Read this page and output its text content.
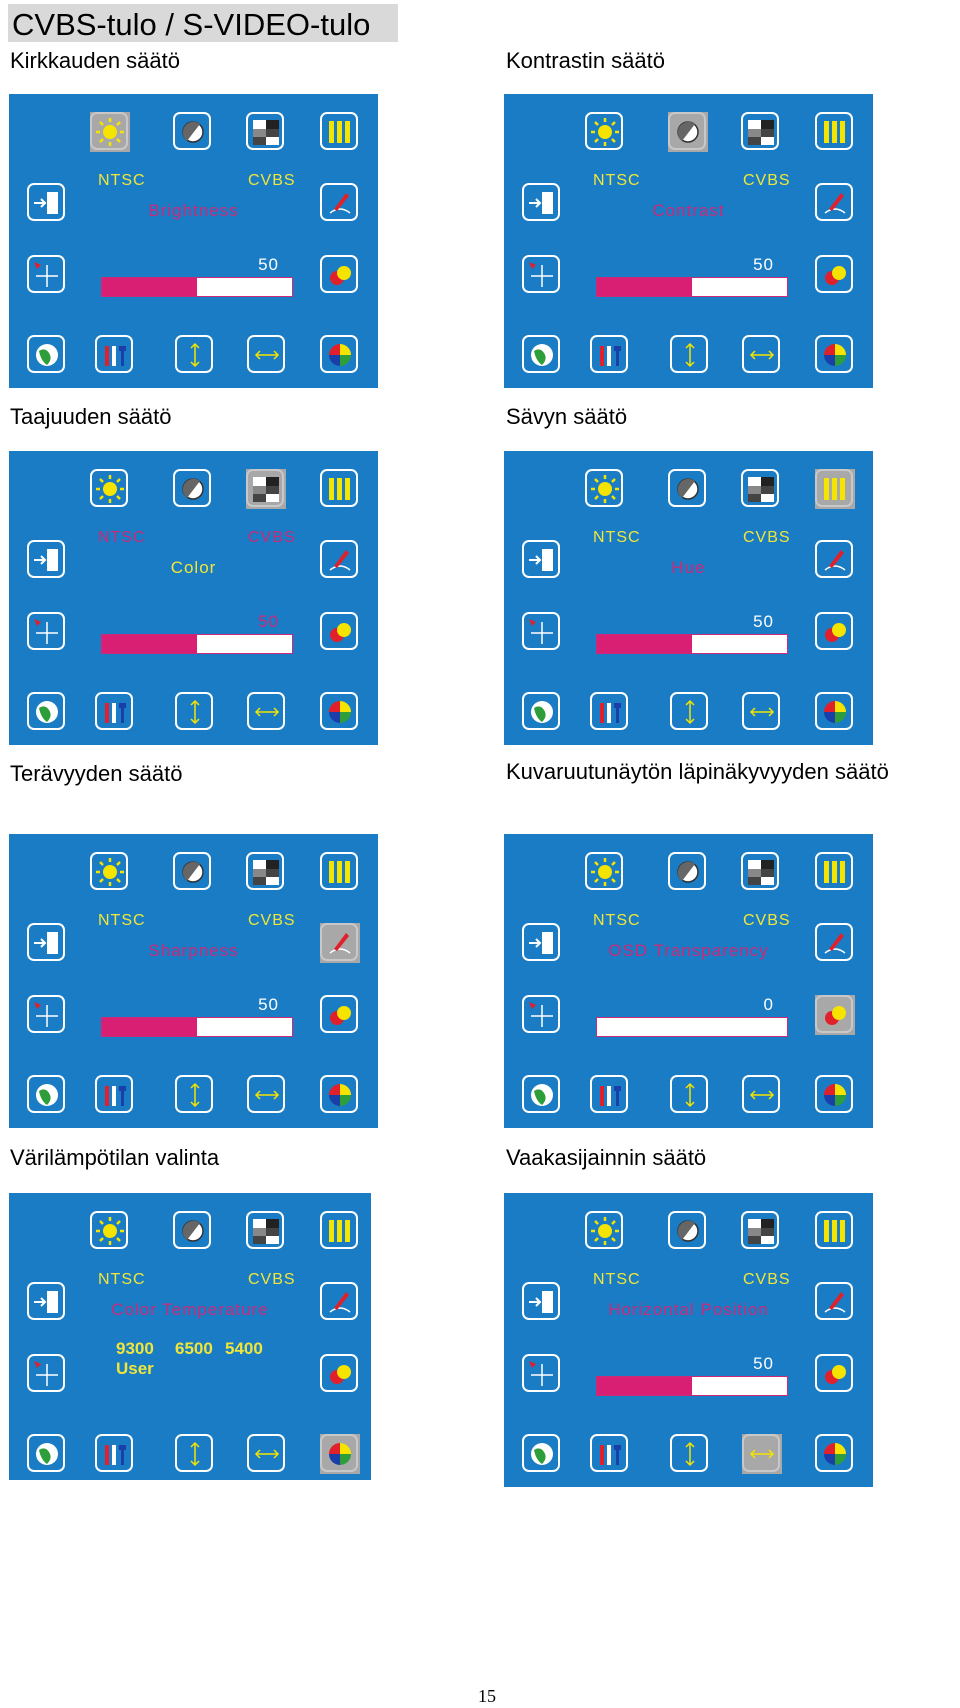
CVBS-tulo / S-VIDEO-tulo
Kirkkauden säätö
NTSC	CVBS
Brightness
50
Kontrastin säätö
NTSC	CVBS
Contrast
50
Taajuuden säätö
NTSC	CVBS
Color
50
Sävyn säätö
NTSC	CVBS
Hue
50
Terävyyden säätö
NTSC	CVBS
Sharpness
50
Kuvaruutunäytön läpinäkyvyyden säätö
NTSC	CVBS
OSD Transparency
0
Värilämpötilan valinta
NTSC	CVBS
Color Temperature
9300 6500 5400
User
Vaakasijainnin säätö
NTSC	CVBS
Horizontal Position
50
15
